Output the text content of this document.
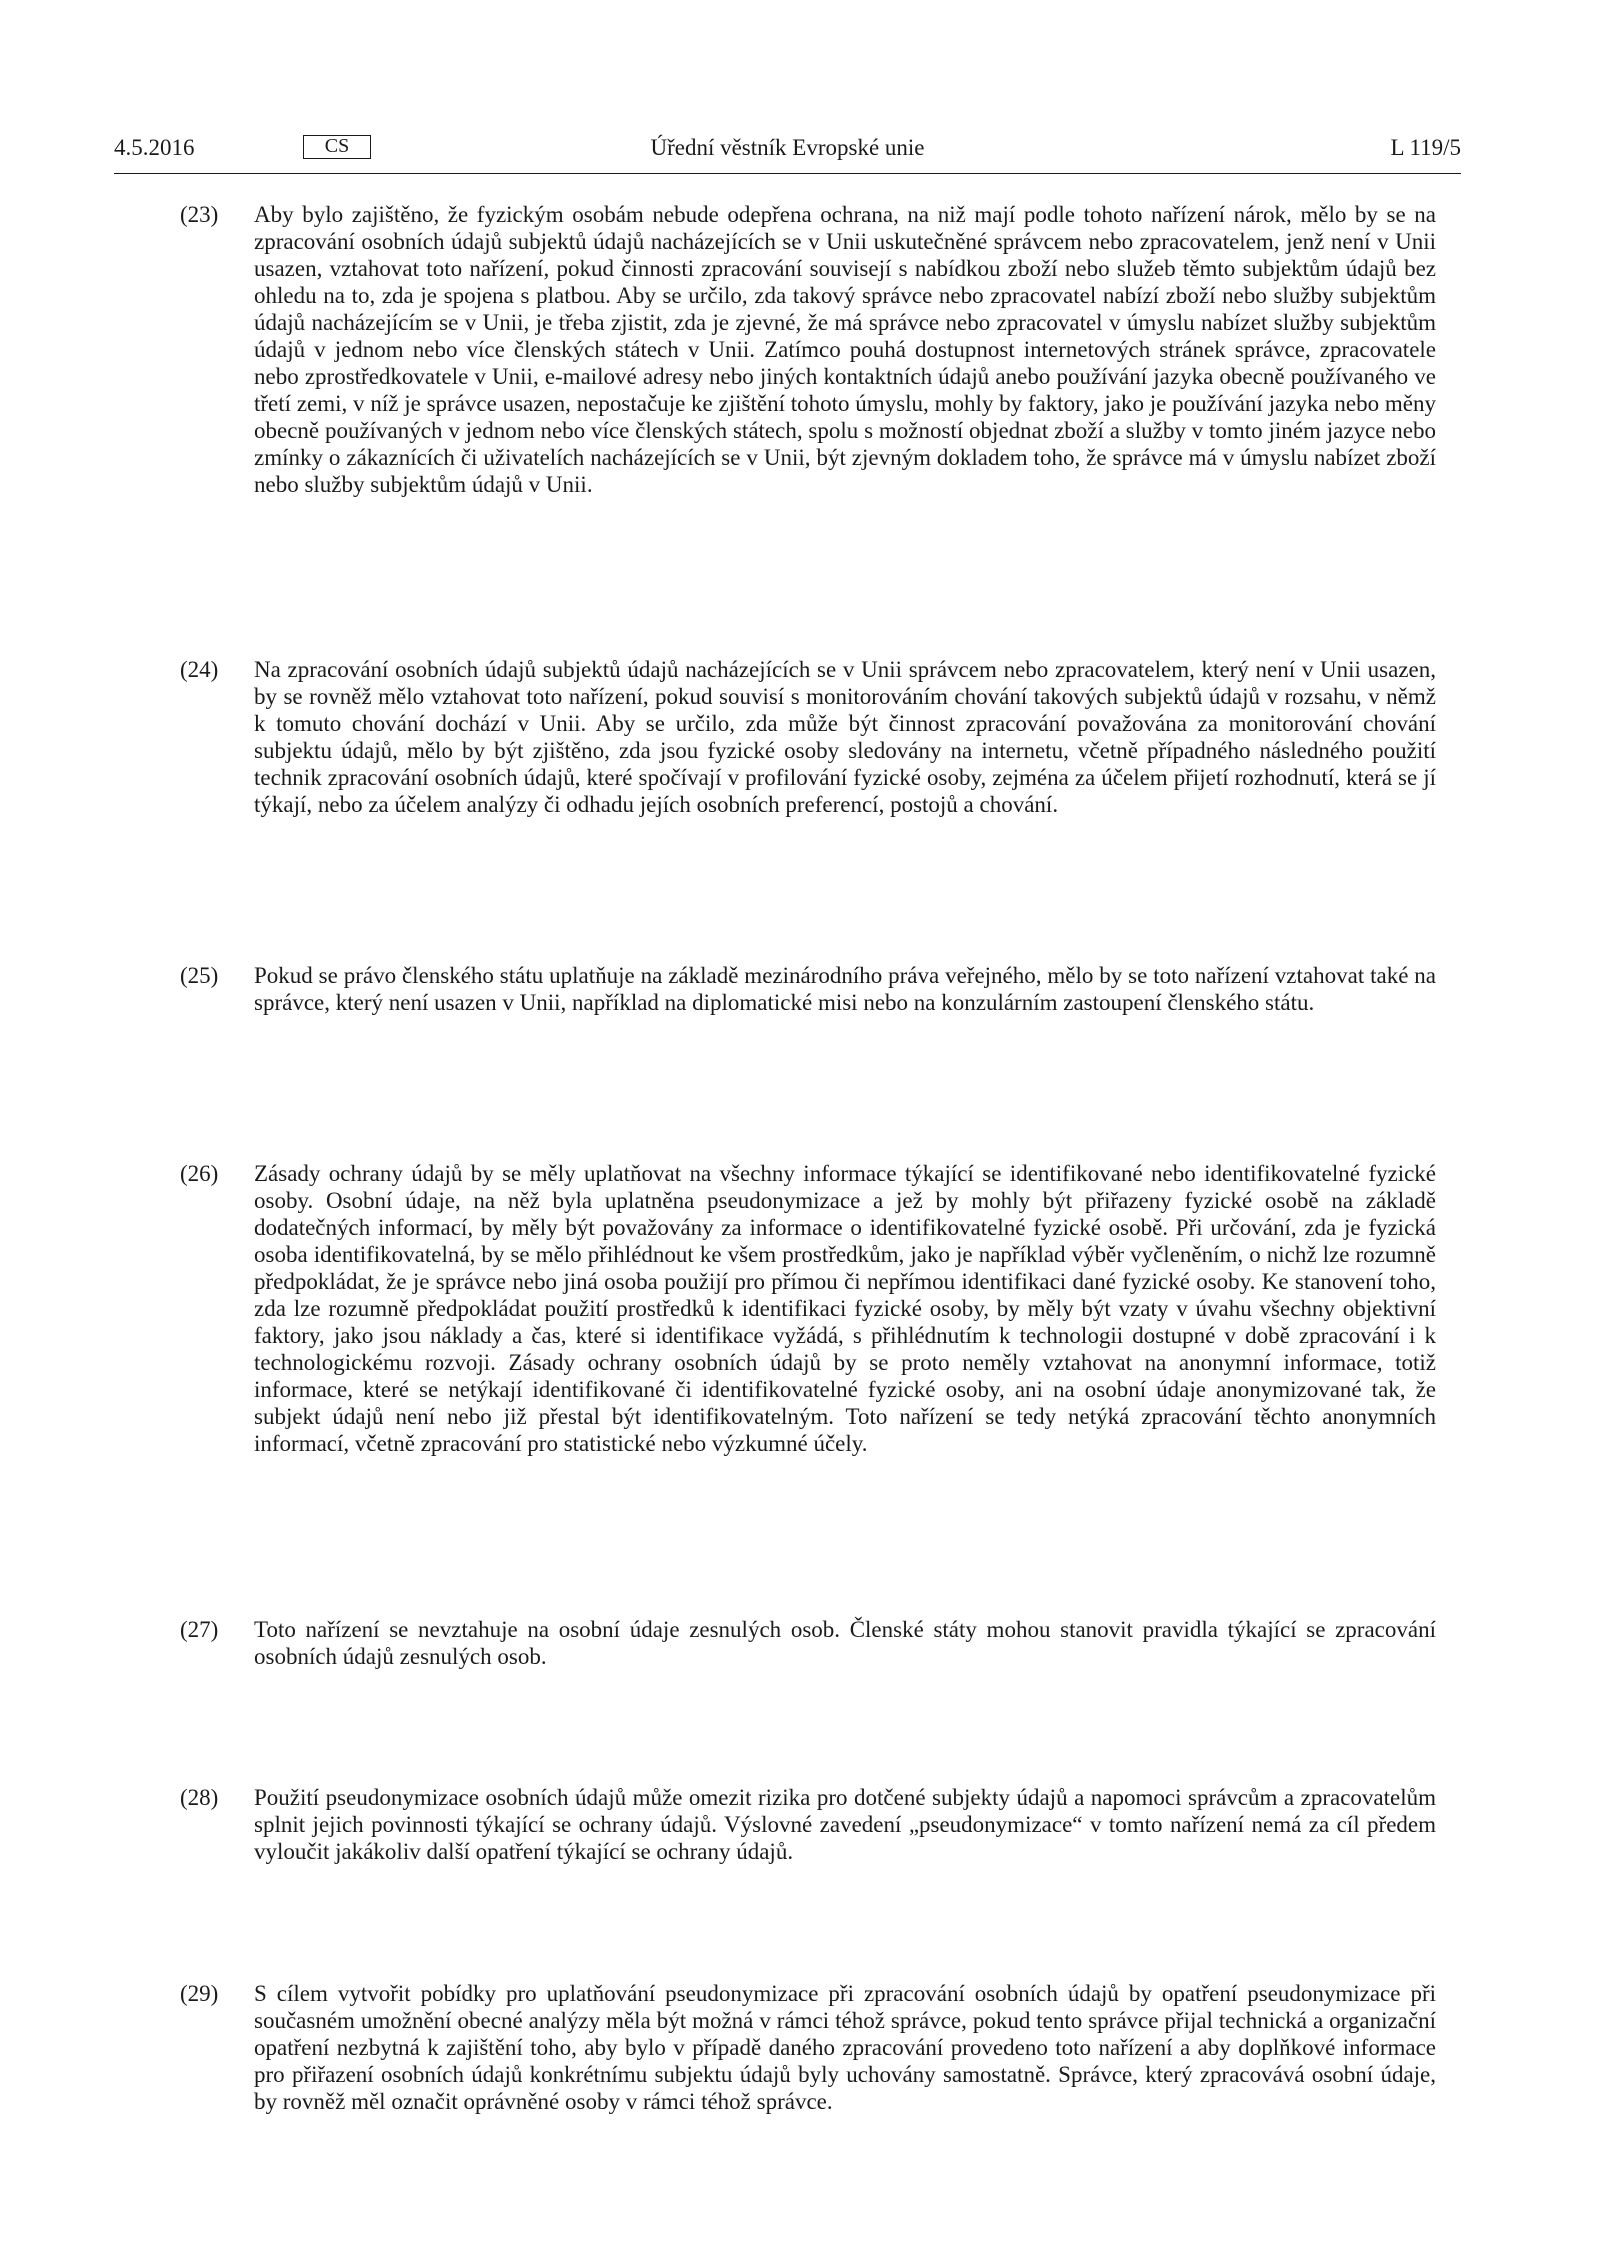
4.5.2016	CS	Úřední věstník Evropské unie	L 119/5
(23) Aby bylo zajištěno, že fyzickým osobám nebude odepřena ochrana, na niž mají podle tohoto nařízení nárok, mělo by se na zpracování osobních údajů subjektů údajů nacházejících se v Unii uskutečněné správcem nebo zpracovatelem, jenž není v Unii usazen, vztahovat toto nařízení, pokud činnosti zpracování souvisejí s nabídkou zboží nebo služeb těmto subjektům údajů bez ohledu na to, zda je spojena s platbou. Aby se určilo, zda takový správce nebo zpracovatel nabízí zboží nebo služby subjektům údajů nacházejícím se v Unii, je třeba zjistit, zda je zjevné, že má správce nebo zpracovatel v úmyslu nabízet služby subjektům údajů v jednom nebo více členských státech v Unii. Zatímco pouhá dostupnost internetových stránek správce, zpracovatele nebo zprostředkovatele v Unii, e-mailové adresy nebo jiných kontaktních údajů anebo používání jazyka obecně používaného ve třetí zemi, v níž je správce usazen, nepostačuje ke zjištění tohoto úmyslu, mohly by faktory, jako je používání jazyka nebo měny obecně používaných v jednom nebo více členských státech, spolu s možností objednat zboží a služby v tomto jiném jazyce nebo zmínky o zákaznících či uživatelích nacházejících se v Unii, být zjevným dokladem toho, že správce má v úmyslu nabízet zboží nebo služby subjektům údajů v Unii.
(24) Na zpracování osobních údajů subjektů údajů nacházejících se v Unii správcem nebo zpracovatelem, který není v Unii usazen, by se rovněž mělo vztahovat toto nařízení, pokud souvisí s monitorováním chování takových subjektů údajů v rozsahu, v němž k tomuto chování dochází v Unii. Aby se určilo, zda může být činnost zpracování považována za monitorování chování subjektu údajů, mělo by být zjištěno, zda jsou fyzické osoby sledovány na internetu, včetně případného následného použití technik zpracování osobních údajů, které spočívají v profilování fyzické osoby, zejména za účelem přijetí rozhodnutí, která se jí týkají, nebo za účelem analýzy či odhadu jejích osobních preferencí, postojů a chování.
(25) Pokud se právo členského státu uplatňuje na základě mezinárodního práva veřejného, mělo by se toto nařízení vztahovat také na správce, který není usazen v Unii, například na diplomatické misi nebo na konzulárním zastoupení členského státu.
(26) Zásady ochrany údajů by se měly uplatňovat na všechny informace týkající se identifikované nebo identifikovatelné fyzické osoby. Osobní údaje, na něž byla uplatněna pseudonymizace a jež by mohly být přiřazeny fyzické osobě na základě dodatečných informací, by měly být považovány za informace o identifikovatelné fyzické osobě. Při určování, zda je fyzická osoba identifikovatelná, by se mělo přihlédnout ke všem prostředkům, jako je například výběr vyčleněním, o nichž lze rozumně předpokládat, že je správce nebo jiná osoba použijí pro přímou či nepřímou identifikaci dané fyzické osoby. Ke stanovení toho, zda lze rozumně předpokládat použití prostředků k identifikaci fyzické osoby, by měly být vzaty v úvahu všechny objektivní faktory, jako jsou náklady a čas, které si identifikace vyžádá, s přihlédnutím k technologii dostupné v době zpracování i k technologickému rozvoji. Zásady ochrany osobních údajů by se proto neměly vztahovat na anonymní informace, totiž informace, které se netýkají identifikované či identifikovatelné fyzické osoby, ani na osobní údaje anonymizované tak, že subjekt údajů není nebo již přestal být identifikovatelným. Toto nařízení se tedy netýká zpracování těchto anonymních informací, včetně zpracování pro statistické nebo výzkumné účely.
(27) Toto nařízení se nevztahuje na osobní údaje zesnulých osob. Členské státy mohou stanovit pravidla týkající se zpracování osobních údajů zesnulých osob.
(28) Použití pseudonymizace osobních údajů může omezit rizika pro dotčené subjekty údajů a napomoci správcům a zpracovatelům splnit jejich povinnosti týkající se ochrany údajů. Výslovné zavedení „pseudonymizace“ v tomto nařízení nemá za cíl předem vyloučit jakákoliv další opatření týkající se ochrany údajů.
(29) S cílem vytvořit pobídky pro uplatňování pseudonymizace při zpracování osobních údajů by opatření pseudonymizace při současném umožnění obecné analýzy měla být možná v rámci téhož správce, pokud tento správce přijal technická a organizační opatření nezbytná k zajištění toho, aby bylo v případě daného zpracování provedeno toto nařízení a aby doplňkové informace pro přiřazení osobních údajů konkrétnímu subjektu údajů byly uchovány samostatně. Správce, který zpracovává osobní údaje, by rovněž měl označit oprávněné osoby v rámci téhož správce.
